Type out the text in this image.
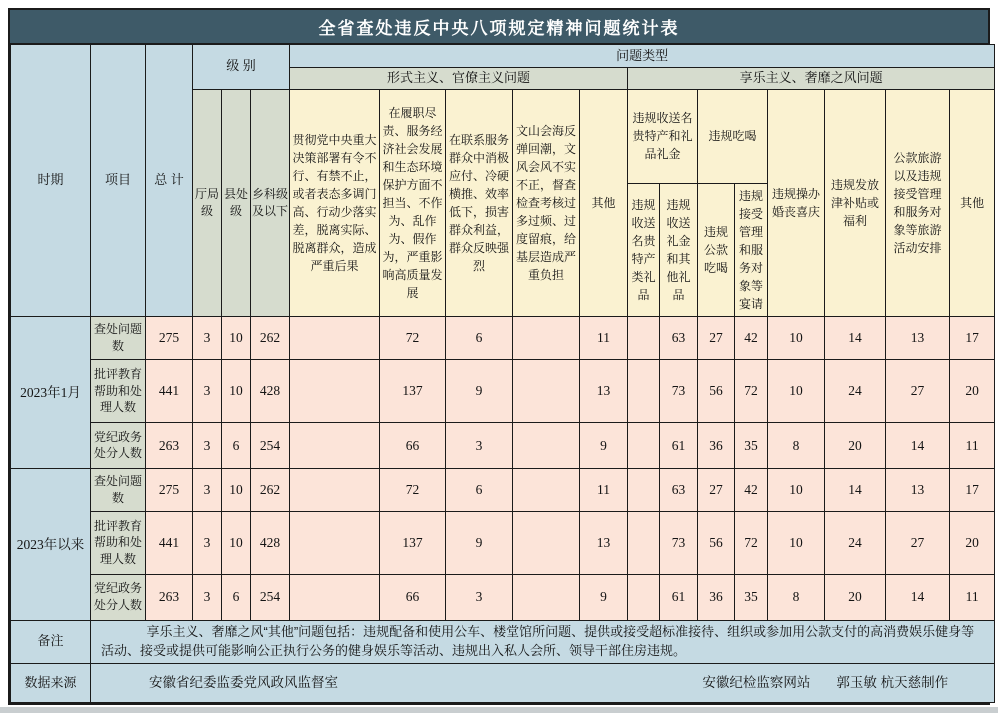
全省查处违反中央八项规定精神问题统计表
时期	项目	总 计	级 别			问题类型												
						形式主义、官僚主义问题					享乐主义、奢靡之风问题							
			厅局级	县处级	乡科级及以下	贯彻党中央重大决策部署有令不行、有禁不止，或者表态多调门高、行动少落实差，脱离实际、脱离群众，造成严重后果	在履职尽责、服务经济社会发展和生态环境保护方面不担当、不作为、乱作为、假作为，严重影响高质量发展	在联系服务群众中消极应付、冷硬横推、效率低下，损害群众利益，群众反映强烈	文山会海反弹回潮，文风会风不实不正，督查检查考核过多过频、过度留痕，给基层造成严重负担	其他	违规收送名贵特产和礼品礼金		违规吃喝		违规操办婚丧喜庆	违规发放津补贴或福利	公款旅游以及违规接受管理和服务对象等旅游活动安排	其他
											违规收送名贵特产类礼品	违规收送礼金和其他礼品	违规公款吃喝	违规接受管理和服务对象等宴请				
2023年1月	查处问题数	275	3	10	262		72	6		11		63	27	42	10	14	13	17
	批评教育帮助和处理人数	441	3	10	428		137	9		13		73	56	72	10	24	27	20
	党纪政务处分人数	263	3	6	254		66	3		9		61	36	35	8	20	14	11
2023年以来	查处问题数	275	3	10	262		72	6		11		63	27	42	10	14	13	17
	批评教育帮助和处理人数	441	3	10	428		137	9		13		73	56	72	10	24	27	20
	党纪政务处分人数	263	3	6	254		66	3		9		61	36	35	8	20	14	11
备注	享乐主义、奢靡之风“其他”问题包括：违规配备和使用公车、楼堂馆所问题、提供或接受超标准接待、组织或参加用公款支付的高消费娱乐健身等活动、接受或提供可能影响公正执行公务的健身娱乐等活动、违规出入私人会所、领导干部住房违规。																	

数据来源	安徽省纪委监委党风政风监督室 安徽纪检监察网站 郭玉敏 杭天慈制作																	
